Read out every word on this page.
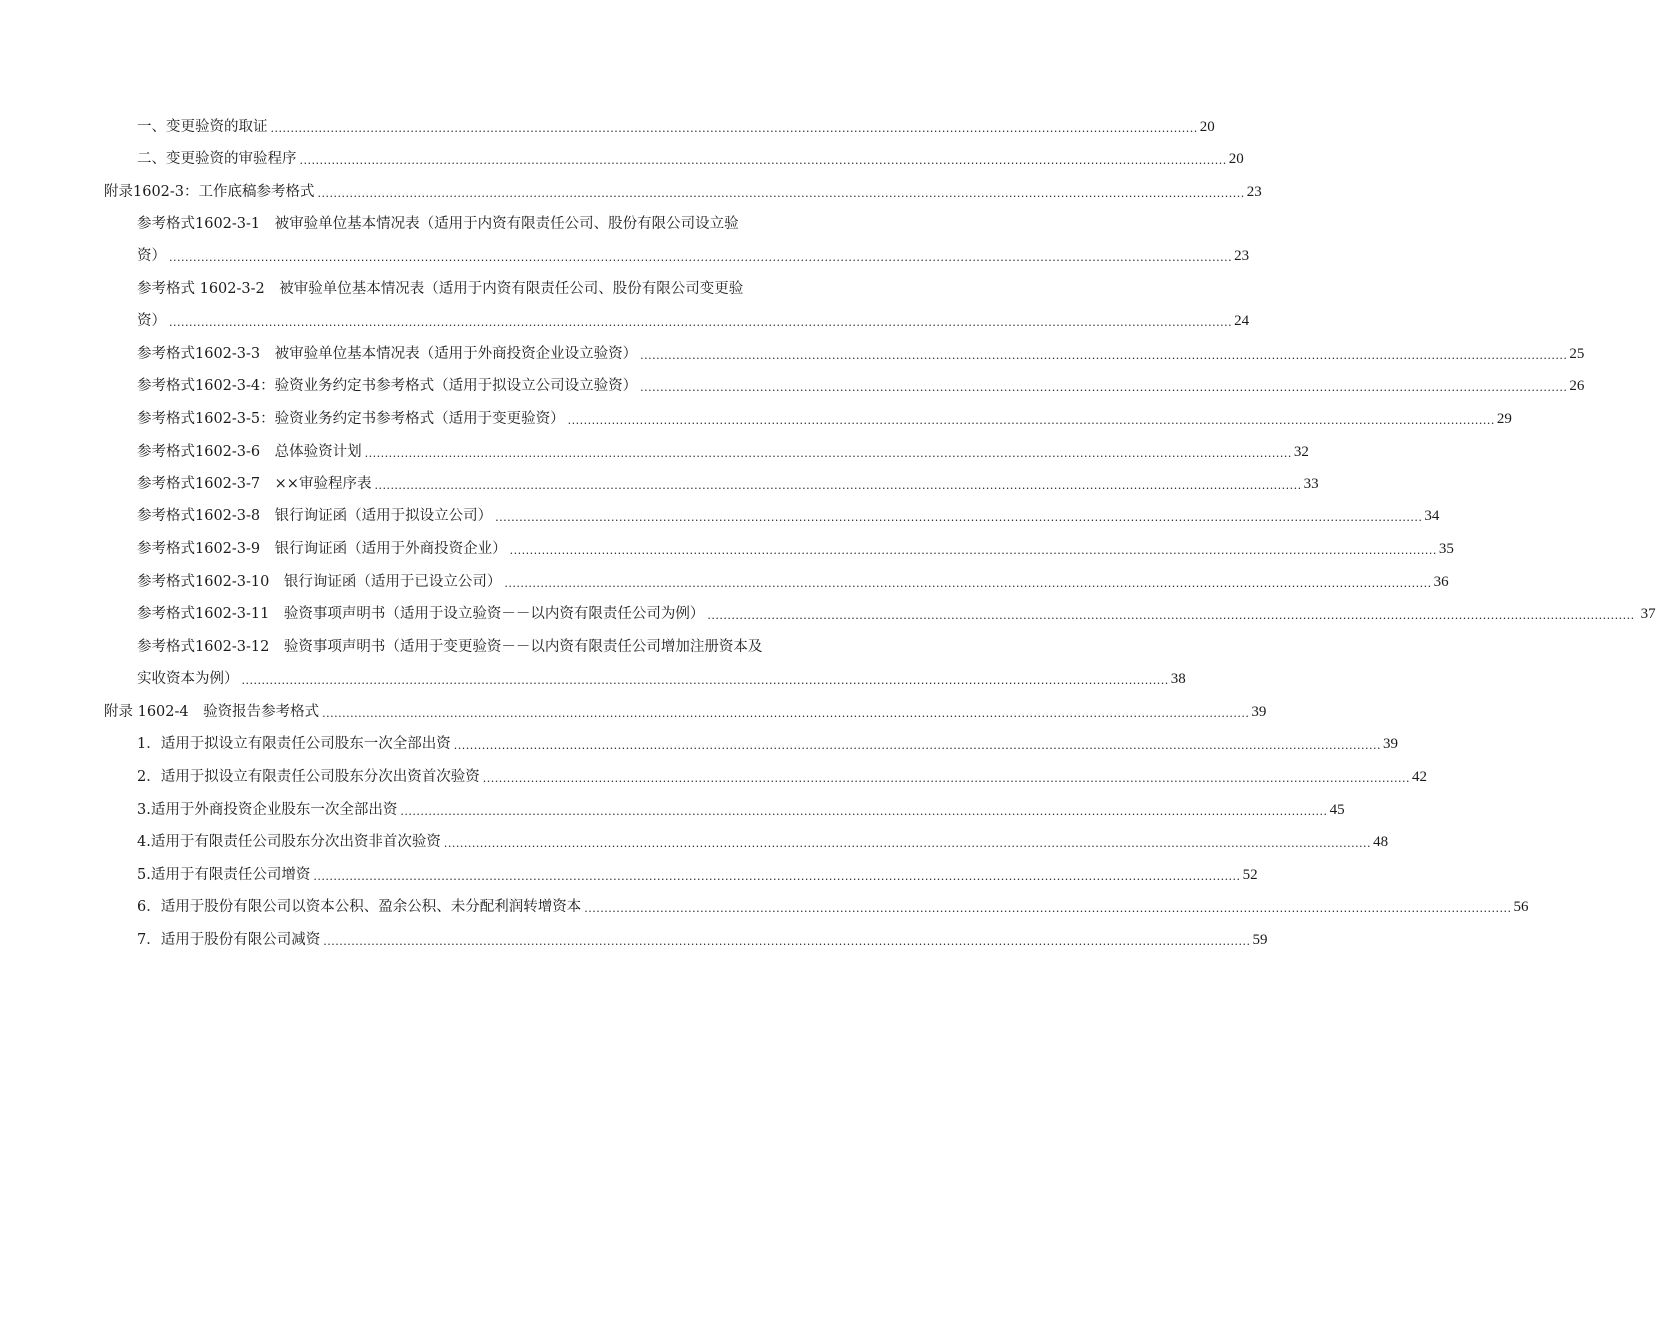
一、变更验资的取证 ........................................................................................................................................................................................................................................ 20
二、变更验资的审验程序 ........................................................................................................................................................................................................................................ 20
附录1602-3：工作底稿参考格式 ........................................................................................................................................................................................................................................ 23
参考格式1602-3-1　被审验单位基本情况表（适用于内资有限责任公司、股份有限公司设立验
资） .......................................................................................................................................................................................................................................................................... 23
参考格式 1602-3-2　被审验单位基本情况表（适用于内资有限责任公司、股份有限公司变更验
资） .......................................................................................................................................................................................................................................................................... 24
参考格式1602-3-3　被审验单位基本情况表（适用于外商投资企业设立验资） ........................................................................................................................................................................................................................................ 25
参考格式1602-3-4：验资业务约定书参考格式（适用于拟设立公司设立验资） ........................................................................................................................................................................................................................................ 26
参考格式1602-3-5：验资业务约定书参考格式（适用于变更验资） ........................................................................................................................................................................................................................................ 29
参考格式1602-3-6　总体验资计划 ........................................................................................................................................................................................................................................ 32
参考格式1602-3-7　××审验程序表 ........................................................................................................................................................................................................................................ 33
参考格式1602-3-8　银行询证函（适用于拟设立公司） ........................................................................................................................................................................................................................................ 34
参考格式1602-3-9　银行询证函（适用于外商投资企业） ........................................................................................................................................................................................................................................ 35
参考格式1602-3-10　银行询证函（适用于已设立公司） ........................................................................................................................................................................................................................................ 36
参考格式1602-3-11　验资事项声明书（适用于设立验资－－以内资有限责任公司为例） ........................................................................................................................................................................................................................................ 37
参考格式1602-3-12　验资事项声明书（适用于变更验资－－以内资有限责任公司增加注册资本及
实收资本为例） ........................................................................................................................................................................................................................................ 38
附录 1602-4　验资报告参考格式 ........................................................................................................................................................................................................................................ 39
1．适用于拟设立有限责任公司股东一次全部出资 ........................................................................................................................................................................................................................................ 39
2．适用于拟设立有限责任公司股东分次出资首次验资 ........................................................................................................................................................................................................................................ 42
3.适用于外商投资企业股东一次全部出资 ........................................................................................................................................................................................................................................ 45
4.适用于有限责任公司股东分次出资非首次验资 ........................................................................................................................................................................................................................................ 48
5.适用于有限责任公司增资 ........................................................................................................................................................................................................................................ 52
6．适用于股份有限公司以资本公积、盈余公积、未分配利润转增资本 ........................................................................................................................................................................................................................................ 56
7．适用于股份有限公司减资 ........................................................................................................................................................................................................................................ 59
